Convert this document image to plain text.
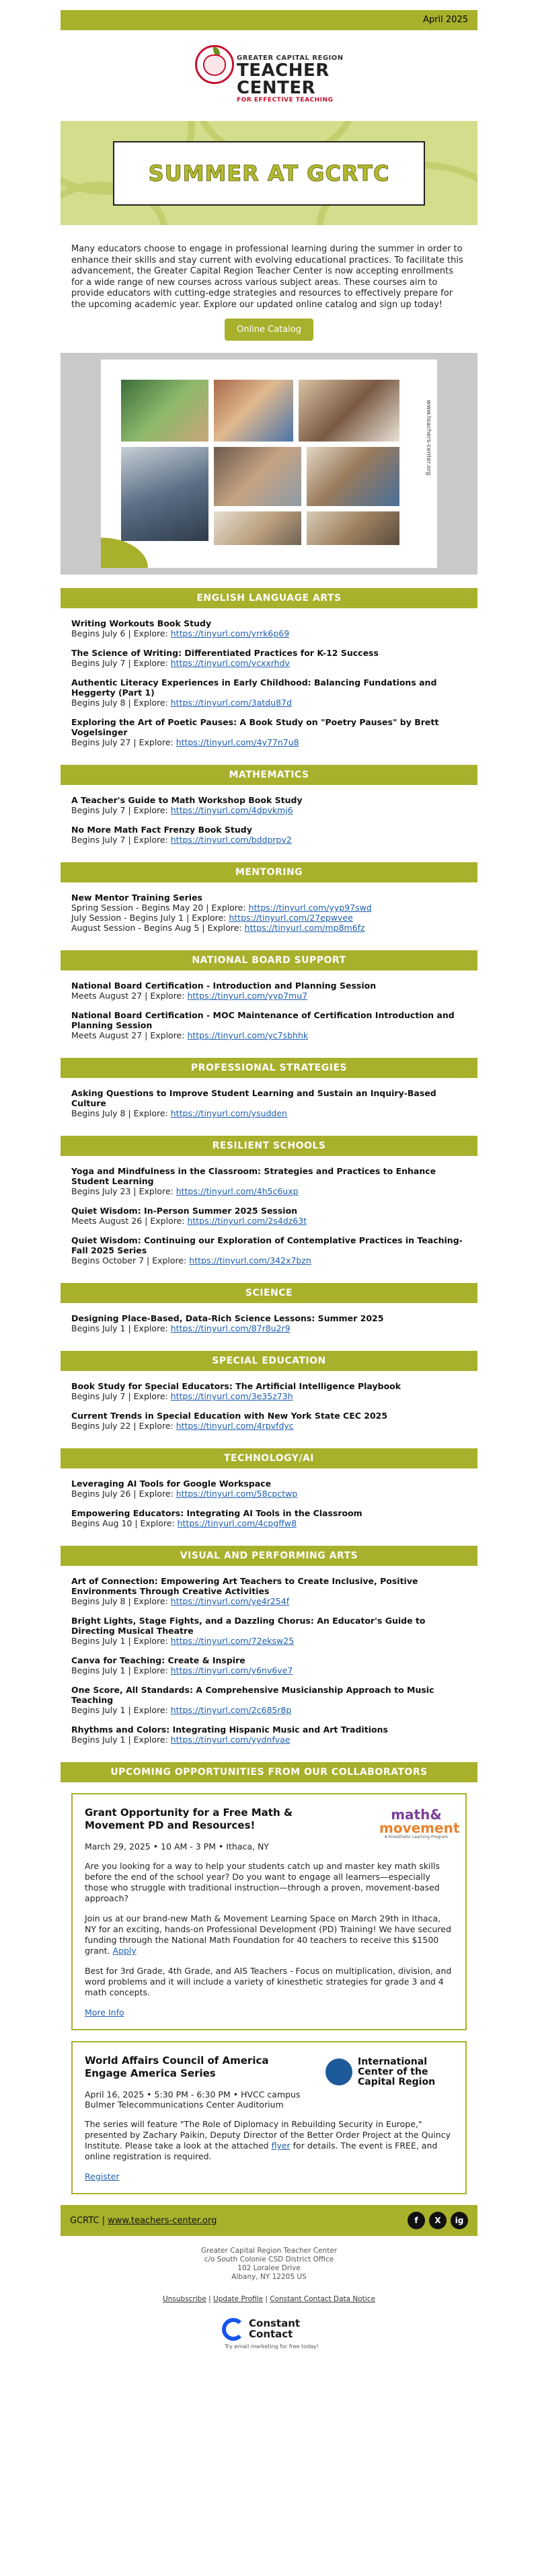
April 2025
GREATER CAPITAL REGION
TEACHER
CENTER
FOR EFFECTIVE TEACHING
SUMMER AT GCRTC
Many educators choose to engage in professional learning during the summer in order to enhance their skills and stay current with evolving educational practices. To facilitate this advancement, the Greater Capital Region Teacher Center is now accepting enrollments for a wide range of new courses across various subject areas. These courses aim to provide educators with cutting-edge strategies and resources to effectively prepare for the upcoming academic year. Explore our updated online catalog and sign up today!
Online Catalog
www.teachers-center.org
ENGLISH LANGUAGE ARTS
Writing Workouts Book Study
Begins July 6 | Explore: https://tinyurl.com/yrrk6p69
The Science of Writing: Differentiated Practices for K-12 Success
Begins July 7 | Explore: https://tinyurl.com/ycxxrhdv
Authentic Literacy Experiences in Early Childhood: Balancing Fundations and Heggerty (Part 1)
Begins July 8 | Explore: https://tinyurl.com/3atdu87d
Exploring the Art of Poetic Pauses: A Book Study on "Poetry Pauses" by Brett Vogelsinger
Begins July 27 | Explore: https://tinyurl.com/4y77n7u8
MATHEMATICS
A Teacher's Guide to Math Workshop Book Study
Begins July 7 | Explore: https://tinyurl.com/4dpvkmj6
No More Math Fact Frenzy Book Study
Begins July 7 | Explore: https://tinyurl.com/bddprpv2
MENTORING
New Mentor Training Series
Spring Session - Begins May 20 | Explore: https://tinyurl.com/yyp97swd
July Session - Begins July 1 | Explore: https://tinyurl.com/27epwvee
August Session - Begins Aug 5 | Explore: https://tinyurl.com/mp8m6fz
NATIONAL BOARD SUPPORT
National Board Certification - Introduction and Planning Session
Meets August 27 | Explore: https://tinyurl.com/yyp7mu7
National Board Certification - MOC Maintenance of Certification Introduction and Planning Session
Meets August 27 | Explore: https://tinyurl.com/yc7sbhhk
PROFESSIONAL STRATEGIES
Asking Questions to Improve Student Learning and Sustain an Inquiry-Based Culture
Begins July 8 | Explore: https://tinyurl.com/ysudden
RESILIENT SCHOOLS
Yoga and Mindfulness in the Classroom: Strategies and Practices to Enhance Student Learning
Begins July 23 | Explore: https://tinyurl.com/4h5c6uxp
Quiet Wisdom: In-Person Summer 2025 Session
Meets August 26 | Explore: https://tinyurl.com/2s4dz63t
Quiet Wisdom: Continuing our Exploration of Contemplative Practices in Teaching- Fall 2025 Series
Begins October 7 | Explore: https://tinyurl.com/342x7bzn
SCIENCE
Designing Place-Based, Data-Rich Science Lessons: Summer 2025
Begins July 1 | Explore: https://tinyurl.com/87r8u2r9
SPECIAL EDUCATION
Book Study for Special Educators: The Artificial Intelligence Playbook
Begins July 7 | Explore: https://tinyurl.com/3e35z73h
Current Trends in Special Education with New York State CEC 2025
Begins July 22 | Explore: https://tinyurl.com/4rpvfdyc
TECHNOLOGY/AI
Leveraging AI Tools for Google Workspace
Begins July 26 | Explore: https://tinyurl.com/58cpctwp
Empowering Educators: Integrating AI Tools in the Classroom
Begins Aug 10 | Explore: https://tinyurl.com/4cpgffw8
VISUAL AND PERFORMING ARTS
Art of Connection: Empowering Art Teachers to Create Inclusive, Positive Environments Through Creative Activities
Begins July 8 | Explore: https://tinyurl.com/ye4r254f
Bright Lights, Stage Fights, and a Dazzling Chorus: An Educator's Guide to Directing Musical Theatre
Begins July 1 | Explore: https://tinyurl.com/72eksw25
Canva for Teaching: Create & Inspire
Begins July 1 | Explore: https://tinyurl.com/y6nv6ve7
One Score, All Standards: A Comprehensive Musicianship Approach to Music Teaching
Begins July 1 | Explore: https://tinyurl.com/2c685r8p
Rhythms and Colors: Integrating Hispanic Music and Art Traditions
Begins July 1 | Explore: https://tinyurl.com/yydnfvae
UPCOMING OPPORTUNITIES FROM OUR COLLABORATORS
math&
movement
A Kinesthetic Learning Program
Grant Opportunity for a Free Math & Movement PD and Resources!
March 29, 2025 • 10 AM - 3 PM • Ithaca, NY
Are you looking for a way to help your students catch up and master key math skills before the end of the school year? Do you want to engage all learners—especially those who struggle with traditional instruction—through a proven, movement-based approach?
Join us at our brand-new Math & Movement Learning Space on March 29th in Ithaca, NY for an exciting, hands-on Professional Development (PD) Training! We have secured funding through the National Math Foundation for 40 teachers to receive this $1500 grant. Apply
Best for 3rd Grade, 4th Grade, and AIS Teachers - Focus on multiplication, division, and word problems and it will include a variety of kinesthetic strategies for grade 3 and 4 math concepts.
More Info
International
Center of the
Capital Region
World Affairs Council of America Engage America Series
April 16, 2025 • 5:30 PM - 6:30 PM • HVCC campus Bulmer Telecommunications Center Auditorium
The series will feature "The Role of Diplomacy in Rebuilding Security in Europe," presented by Zachary Paikin, Deputy Director of the Better Order Project at the Quincy Institute. Please take a look at the attached flyer for details. The event is FREE, and online registration is required.
Register
GCRTC | www.teachers-center.org	f	X	ig
Greater Capital Region Teacher Center
c/o South Colonie CSD District Office
102 Loralee Drive
Albany, NY 12205 US
Unsubscribe | Update Profile | Constant Contact Data Notice
Constant
Contact
Try email marketing for free today!
